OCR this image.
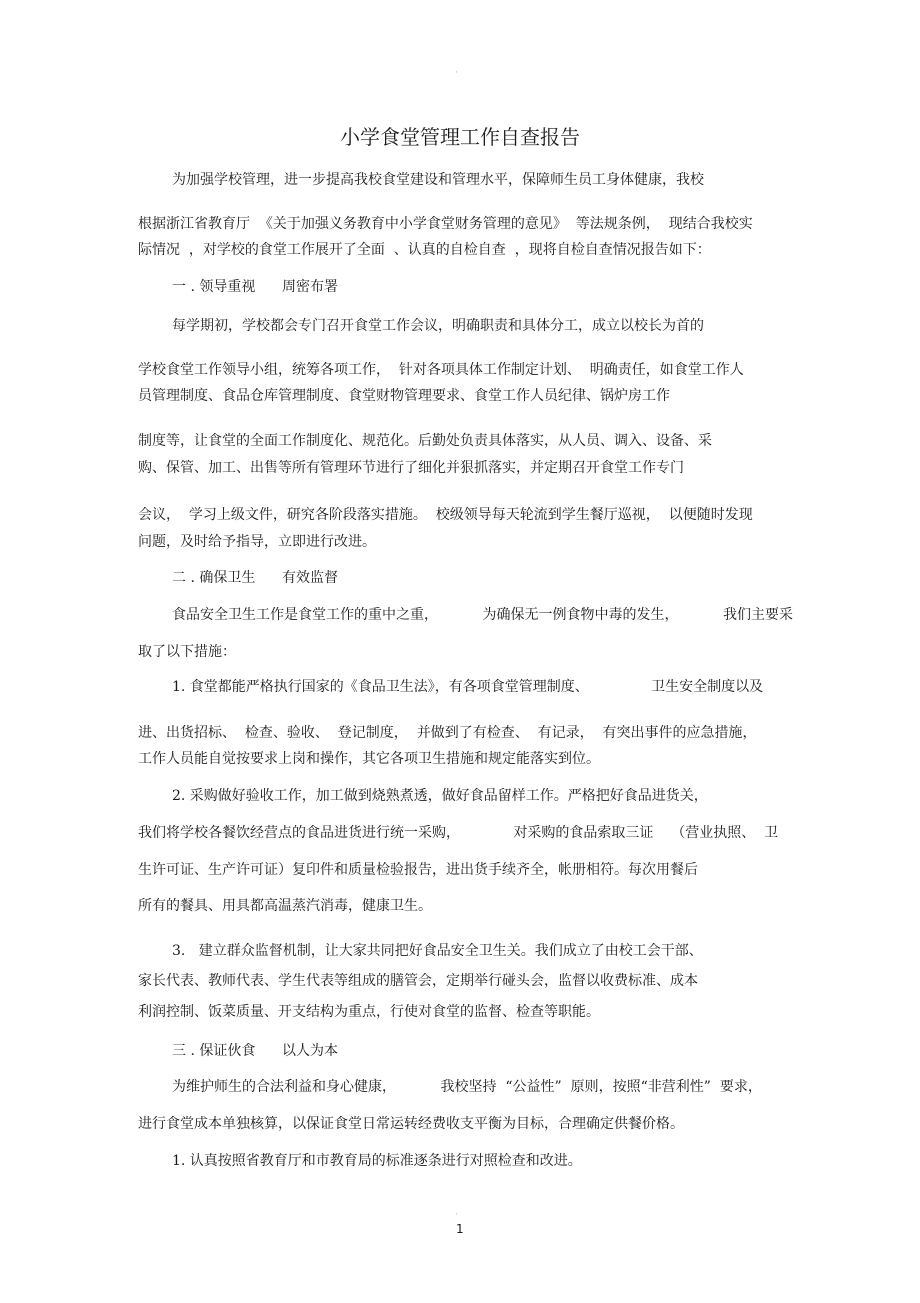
'
小学食堂管理工作自查报告
为加强学校管理，进一步提高我校食堂建设和管理水平，保障师生员工身体健康，我校
根据浙江省教育厅  《关于加强义务教育中小学食堂财务管理的意见》  等法规条例，  现结合我校实
际情况  ，对学校的食堂工作展开了全面  、认真的自检自查  ，现将自检自查情况报告如下：
一 . 领导重视      周密布署
每学期初，学校都会专门召开食堂工作会议，明确职责和具体分工，成立以校长为首的
学校食堂工作领导小组，统筹各项工作，  针对各项具体工作制定计划、  明确责任，如食堂工作人
员管理制度、食品仓库管理制度、食堂财物管理要求、食堂工作人员纪律、锅炉房工作
制度等，让食堂的全面工作制度化、规范化。后勤处负责具体落实，从人员、调入、设备、采
购、保管、加工、出售等所有管理环节进行了细化并狠抓落实，并定期召开食堂工作专门
会议，  学习上级文件，研究各阶段落实措施。  校级领导每天轮流到学生餐厅巡视，  以便随时发现
问题，及时给予指导，立即进行改进。
二 . 确保卫生      有效监督
食品安全卫生工作是食堂工作的重中之重，          为确保无一例食物中毒的发生，          我们主要采
取了以下措施：
1. 食堂都能严格执行国家的《食品卫生法》，有各项食堂管理制度、              卫生安全制度以及
进、出货招标、  检查、验收、  登记制度，  并做到了有检查、  有记录，  有突出事件的应急措施，
工作人员能自觉按要求上岗和操作，其它各项卫生措施和规定能落实到位。
2. 采购做好验收工作，加工做到烧熟煮透，做好食品留样工作。严格把好食品进货关，
我们将学校各餐饮经营点的食品进货进行统一采购，            对采购的食品索取三证    （营业执照、  卫
生许可证、生产许可证）复印件和质量检验报告，进出货手续齐全，帐册相符。每次用餐后
所有的餐具、用具都高温蒸汽消毒，健康卫生。
3.   建立群众监督机制，让大家共同把好食品安全卫生关。我们成立了由校工会干部、
家长代表、教师代表、学生代表等组成的膳管会，定期举行碰头会，监督以收费标准、成本
利润控制、饭菜质量、开支结构为重点，行使对食堂的监督、检查等职能。
三 . 保证伙食      以人为本
为维护师生的合法利益和身心健康，          我校坚持  “公益性”  原则，按照“非营利性”  要求，
进行食堂成本单独核算，以保证食堂日常运转经费收支平衡为目标，合理确定供餐价格。
1. 认真按照省教育厅和市教育局的标准逐条进行对照检查和改进。
'
1
